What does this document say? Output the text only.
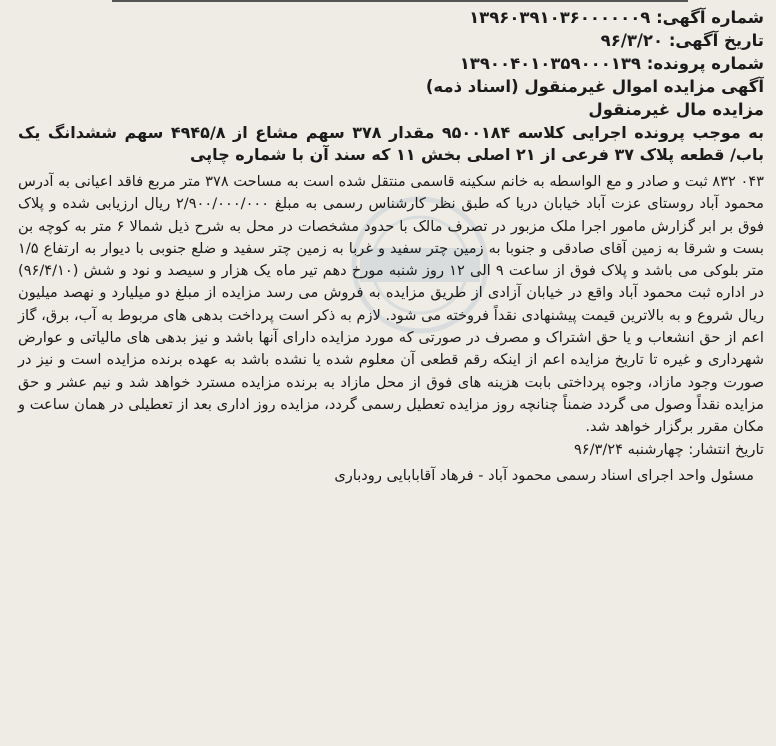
شماره آگهی: ۱۳۹۶۰۳۹۱۰۳۶۰۰۰۰۰۰۹
تاریخ آگهی: ۹۶/۳/۲۰
شماره پرونده: ۱۳۹۰۰۴۰۱۰۳۵۹۰۰۰۱۳۹
آگهی مزایده اموال غیرمنقول (اسناد ذمه)
مزایده مال غیرمنقول
به موجب پرونده اجرایی کلاسه ۹۵۰۰۱۸۴ مقدار ۳۷۸ سهم مشاع از ۴۹۴۵/۸ سهم ششدانگ یک باب/ قطعه پلاک ۳۷ فرعی از ۲۱ اصلی بخش ۱۱ که سند آن با شماره چاپی
۰۴۳ ۸۳۲ ثبت و صادر و مع الواسطه به خانم سکینه قاسمی منتقل شده است به مساحت ۳۷۸ متر مربع فاقد اعیانی به آدرس محمود آباد روستای عزت آباد خیابان دریا که طبق نظر کارشناس رسمی به مبلغ ۲/۹۰۰/۰۰۰/۰۰۰ ریال ارزیابی شده و پلاک فوق بر ابر گزارش مامور اجرا ملک مزبور در تصرف مالک با حدود مشخصات در محل به شرح ذیل شمالا ۶ متر به کوچه بن بست و شرقا به زمین آقای صادقی و جنوبا به زمین چتر سفید و غربا به زمین چتر سفید و ضلع جنوبی با دیوار به ارتفاع ۱/۵ متر بلوکی می باشد و پلاک فوق از ساعت ۹ الی ۱۲ روز شنبه مورخ دهم تیر ماه یک هزار و سیصد و نود و شش (۹۶/۴/۱۰) در اداره ثبت محمود آباد واقع در خیابان آزادی از طریق مزایده به فروش می رسد مزایده از مبلغ دو میلیارد و نهصد میلیون ریال شروع و به بالاترین قیمت پیشنهادی نقداً فروخته می شود. لازم به ذکر است پرداخت بدهی های مربوط به آب، برق، گاز اعم از حق انشعاب و یا حق اشتراک و مصرف در صورتی که مورد مزایده دارای آنها باشد و نیز بدهی های مالیاتی و عوارض شهرداری و غیره تا تاریخ مزایده اعم از اینکه رقم قطعی آن معلوم شده یا نشده باشد به عهده برنده مزایده است و نیز در صورت وجود مازاد، وجوه پرداختی بابت هزینه های فوق از محل مازاد به برنده مزایده مسترد خواهد شد و نیم عشر و حق مزایده نقداً وصول می گردد ضمناً چنانچه روز مزایده تعطیل رسمی گردد، مزایده روز اداری بعد از تعطیلی در همان ساعت و مکان مقرر برگزار خواهد شد.
تاریخ انتشار: چهارشنبه ۹۶/۳/۲۴
مسئول واحد اجرای اسناد رسمی محمود آباد - فرهاد آقابابایی رودباری
